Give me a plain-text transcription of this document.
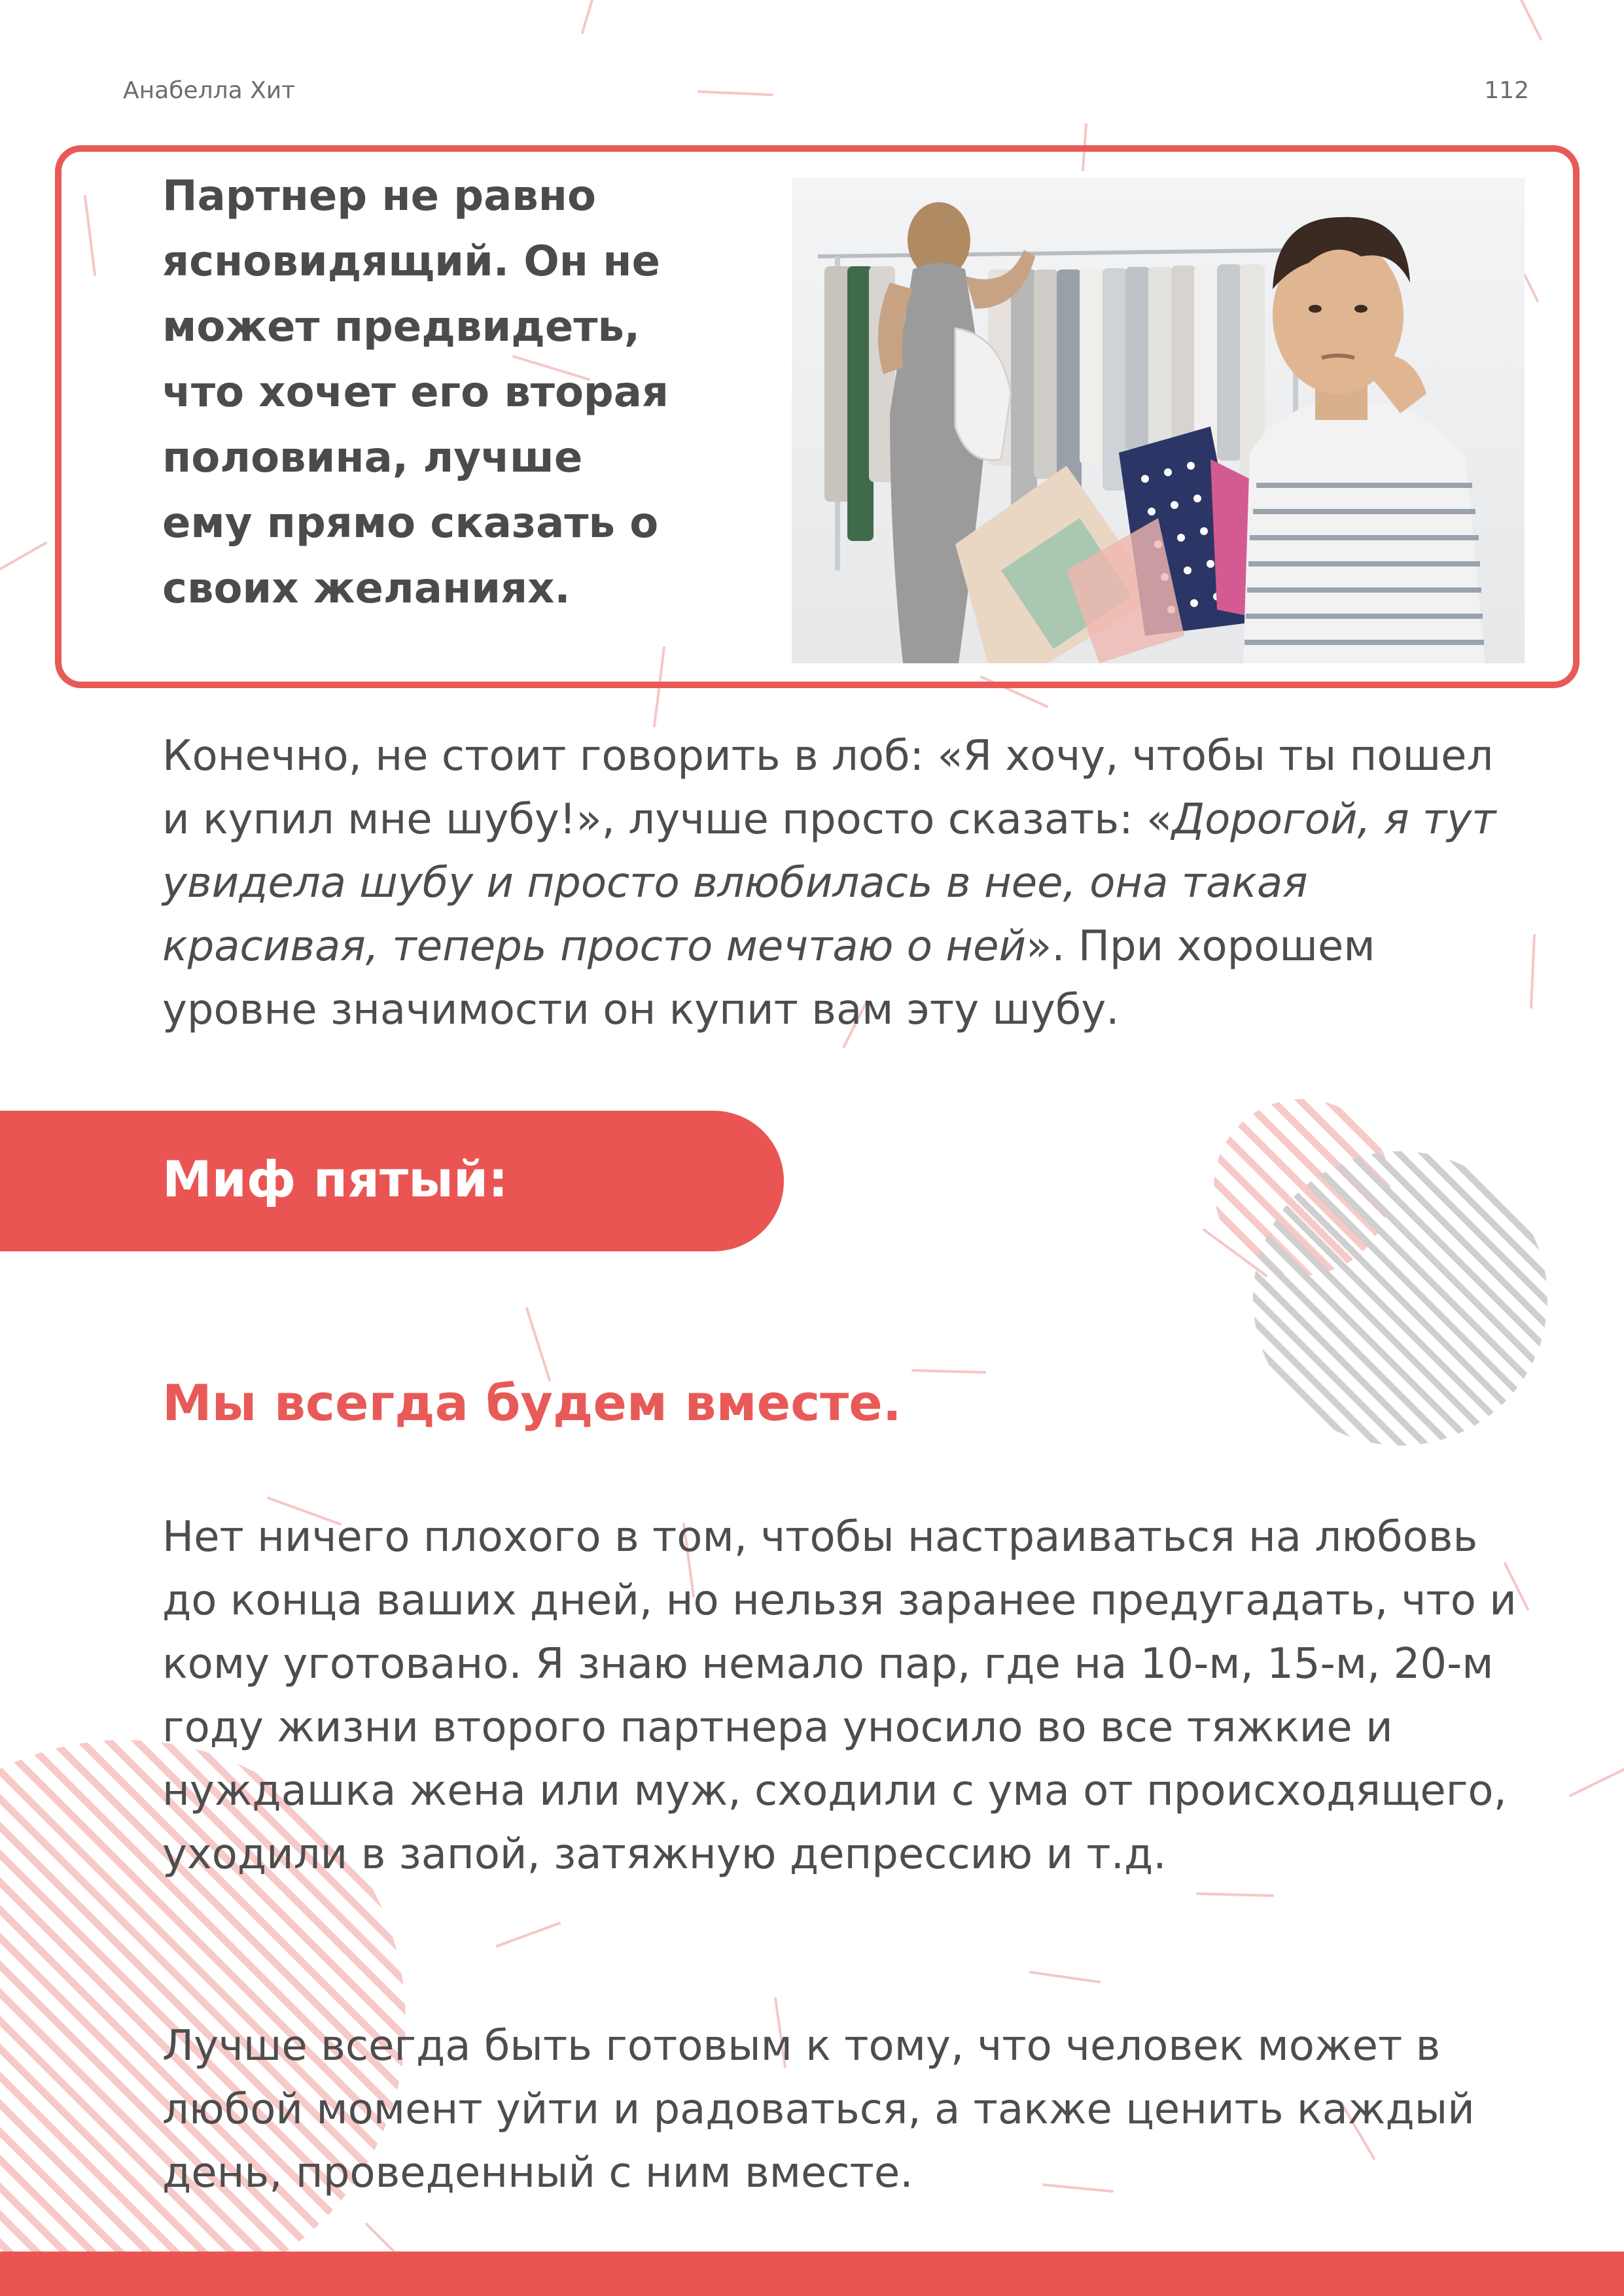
Анабелла Хит	112
Партнер не равно ясновидящий. Он не может предвидеть, что хочет его вторая половина, лучше ему прямо сказать о своих желаниях.
Конечно, не стоит говорить в лоб: «Я хочу, чтобы ты пошел и купил мне шубу!», лучше просто сказать: «Дорогой, я тут увидела шубу и просто влюбилась в нее, она такая красивая, теперь просто мечтаю о ней». При хорошем уровне значимости он купит вам эту шубу.
Миф пятый:
Мы всегда будем вместе.
Нет ничего плохого в том, чтобы настраиваться на любовь до конца ваших дней, но нельзя заранее предугадать, что и кому уготовано. Я знаю немало пар, где на 10-м, 15-м, 20-м году жизни второго партнера уносило во все тяжкие и нуждашка жена или муж, сходили с ума от происходящего, уходили в запой, затяжную депрессию и т.д.
Лучше всегда быть готовым к тому, что человек может в любой момент уйти и радоваться, а также ценить каждый день, проведенный с ним вместе.
